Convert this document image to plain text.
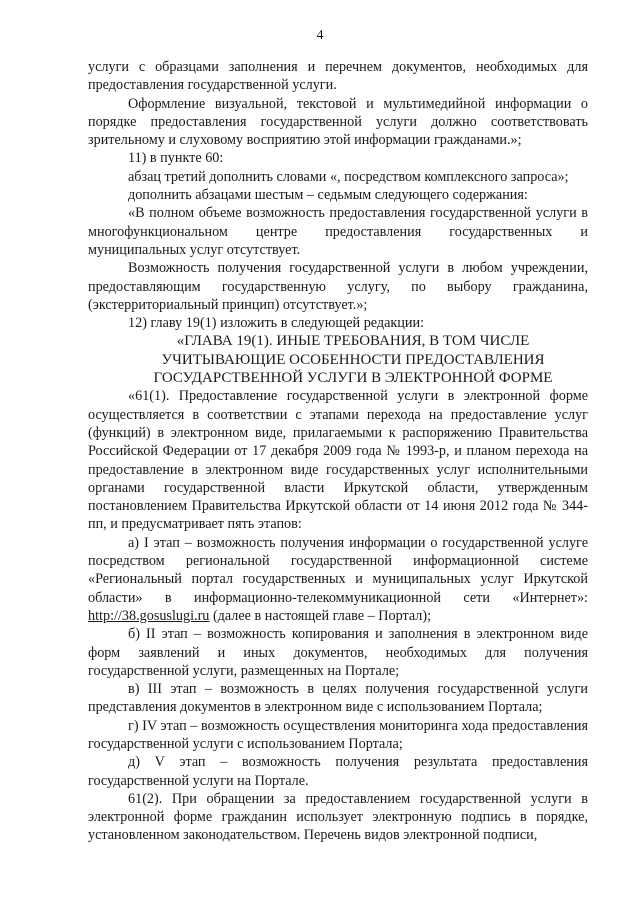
4

услуги с образцами заполнения и перечнем документов, необходимых для предоставления государственной услуги.

Оформление визуальной, текстовой и мультимедийной информации о порядке предоставления государственной услуги должно соответствовать зрительному и слуховому восприятию этой информации гражданами.»;

11) в пункте 60:

абзац третий дополнить словами «, посредством комплексного запроса»;

дополнить абзацами шестым – седьмым следующего содержания:

«В полном объеме возможность предоставления государственной услуги в многофункциональном центре предоставления государственных и муниципальных услуг отсутствует.

Возможность получения государственной услуги в любом учреждении, предоставляющим государственную услугу, по выбору гражданина, (экстерриториальный принцип) отсутствует.»;

12) главу 19(1) изложить в следующей редакции:

«ГЛАВА 19(1). ИНЫЕ ТРЕБОВАНИЯ, В ТОМ ЧИСЛЕ УЧИТЫВАЮЩИЕ ОСОБЕННОСТИ ПРЕДОСТАВЛЕНИЯ ГОСУДАРСТВЕННОЙ УСЛУГИ В ЭЛЕКТРОННОЙ ФОРМЕ

«61(1). Предоставление государственной услуги в электронной форме осуществляется в соответствии с этапами перехода на предоставление услуг (функций) в электронном виде, прилагаемыми к распоряжению Правительства Российской Федерации от 17 декабря 2009 года № 1993-р, и планом перехода на предоставление в электронном виде государственных услуг исполнительными органами государственной власти Иркутской области, утвержденным постановлением Правительства Иркутской области от 14 июня 2012 года № 344-пп, и предусматривает пять этапов:

а) I этап – возможность получения информации о государственной услуге посредством региональной государственной информационной системе «Региональный портал государственных и муниципальных услуг Иркутской области» в информационно-телекоммуникационной сети «Интернет»: http://38.gosuslugi.ru (далее в настоящей главе – Портал);

б) II этап – возможность копирования и заполнения в электронном виде форм заявлений и иных документов, необходимых для получения государственной услуги, размещенных на Портале;

в) III этап – возможность в целях получения государственной услуги представления документов в электронном виде с использованием Портала;

г) IV этап – возможность осуществления мониторинга хода предоставления государственной услуги с использованием Портала;

д) V этап – возможность получения результата предоставления государственной услуги на Портале.

61(2). При обращении за предоставлением государственной услуги в электронной форме гражданин использует электронную подпись в порядке, установленном законодательством. Перечень видов электронной подписи,
